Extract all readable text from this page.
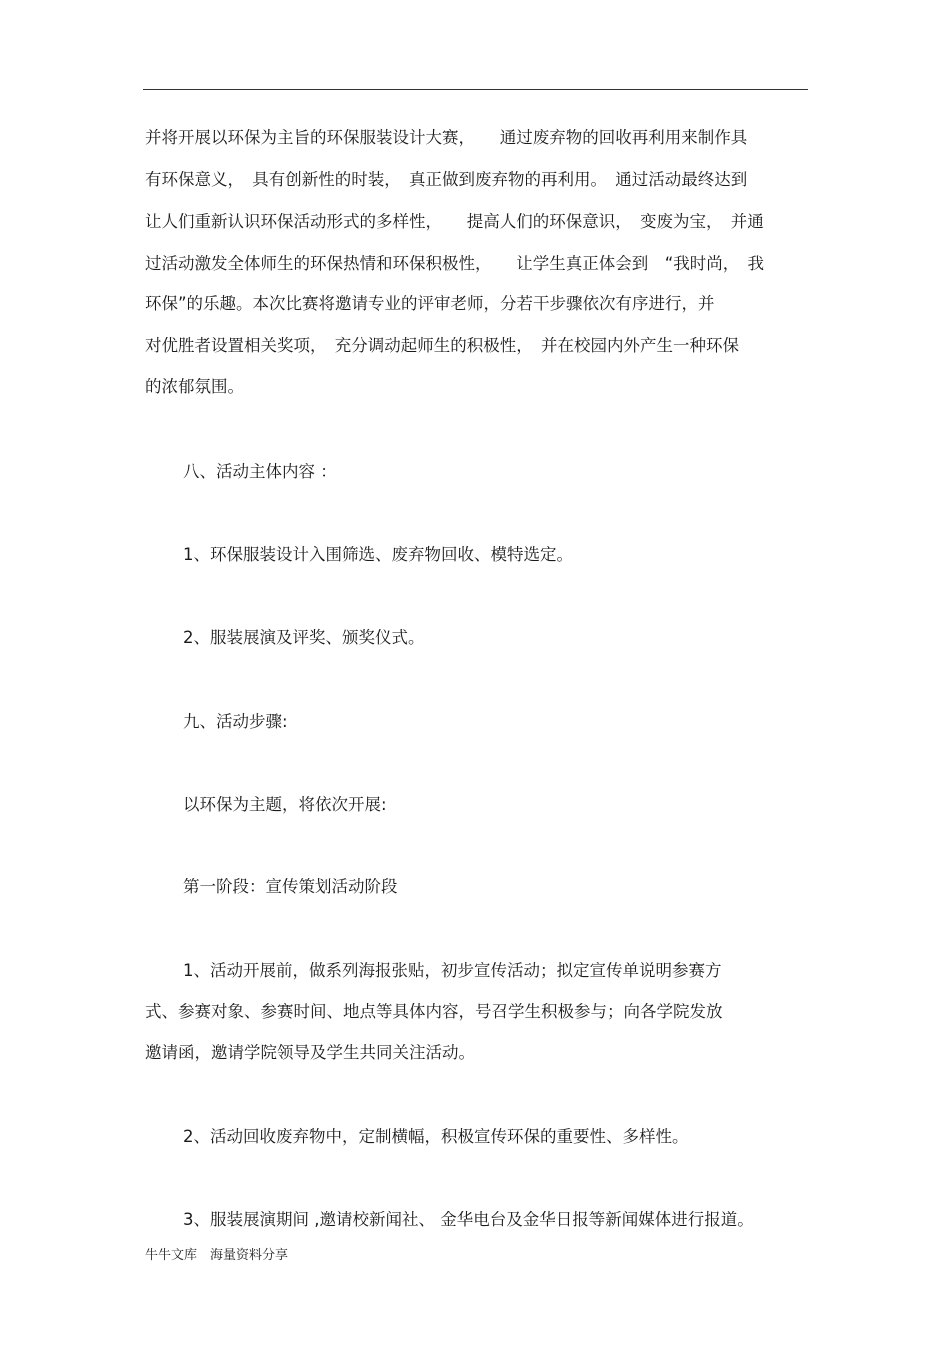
并将开展以环保为主旨的环保服装设计大赛，　　通过废弃物的回收再利用来制作具
有环保意义，　具有创新性的时装，　真正做到废弃物的再利用。　通过活动最终达到
让人们重新认识环保活动形式的多样性，　　提高人们的环保意识，　变废为宝，　并通
过活动激发全体师生的环保热情和环保积极性，　　让学生真正体会到　“我时尚，　我
环保”的乐趣。本次比赛将邀请专业的评审老师，分若干步骤依次有序进行，并
对优胜者设置相关奖项，　充分调动起师生的积极性，　并在校园内外产生一种环保
的浓郁氛围。
八、活动主体内容 ：
1、环保服装设计入围筛选、废弃物回收、模特选定。
2、服装展演及评奖、颁奖仪式。
九、活动步骤:
以环保为主题，将依次开展:
第一阶段：宣传策划活动阶段
1、活动开展前，做系列海报张贴，初步宣传活动；拟定宣传单说明参赛方
式、参赛对象、参赛时间、地点等具体内容，号召学生积极参与；向各学院发放
邀请函，邀请学院领导及学生共同关注活动。
2、活动回收废弃物中，定制横幅，积极宣传环保的重要性、多样性。
3、服装展演期间 ,邀请校新闻社、 金华电台及金华日报等新闻媒体进行报道。
牛牛文库　海量资料分享
